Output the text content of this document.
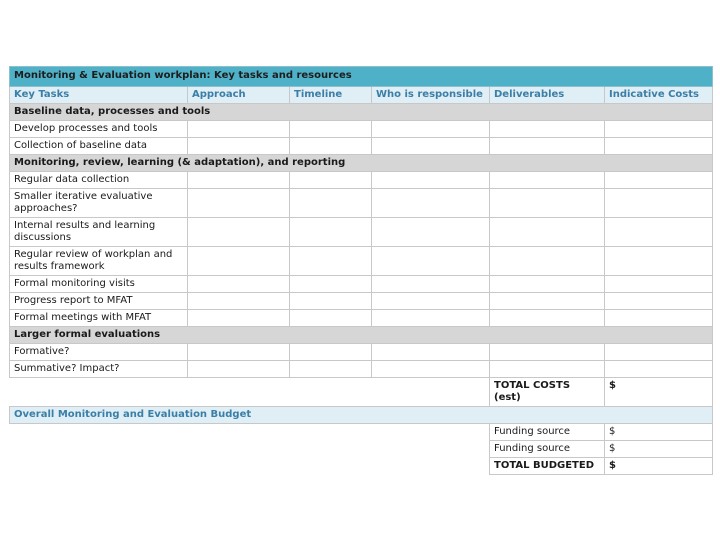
Monitoring & Evaluation workplan: Key tasks and resources					
Key Tasks	Approach	Timeline	Who is responsible	Deliverables	Indicative Costs
Baseline data, processes and tools					
Develop processes and tools					
Collection of baseline data					
Monitoring, review, learning (& adaptation), and reporting					
Regular data collection					
Smaller iterative evaluative approaches?					
Internal results and learning discussions					
Regular review of workplan and results framework					
Formal monitoring visits					
Progress report to MFAT					
Formal meetings with MFAT					
Larger formal evaluations					
Formative?					
Summative? Impact?					
				TOTAL COSTS (est)	$
Overall Monitoring and Evaluation Budget					
				Funding source	$
				Funding source	$
				TOTAL BUDGETED	$
